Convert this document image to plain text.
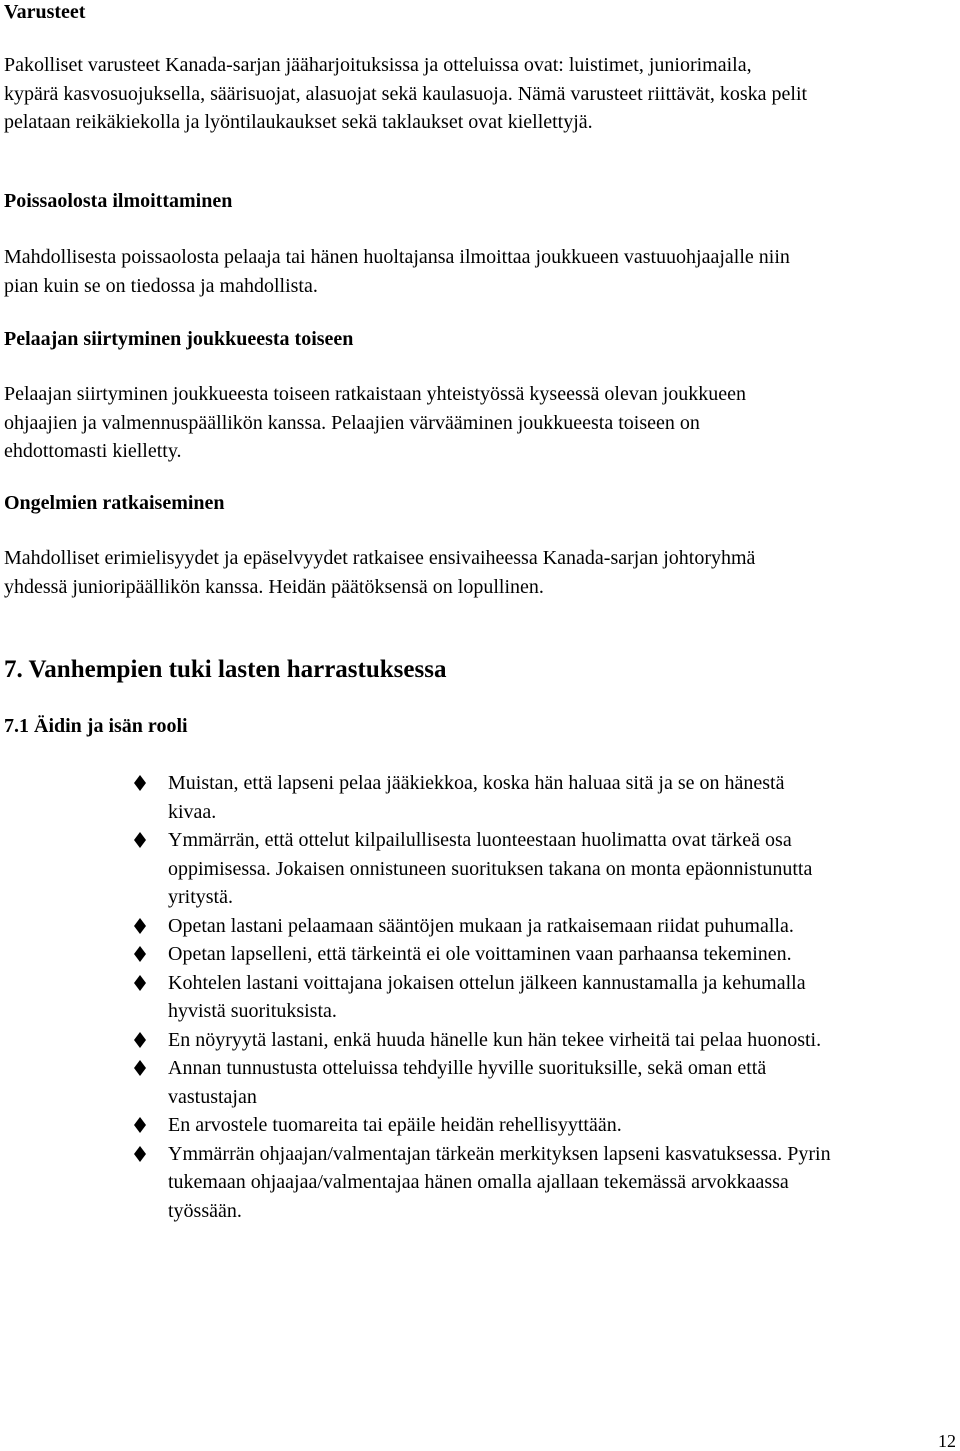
Varusteet

Pakolliset varusteet Kanada-sarjan jääharjoituksissa ja otteluissa ovat: luistimet, juniorimaila,
kypärä kasvosuojuksella, säärisuojat, alasuojat sekä kaulasuoja. Nämä varusteet riittävät, koska pelit
pelataan reikäkiekolla ja lyöntilaukaukset sekä taklaukset ovat kiellettyjä.

Poissaolosta ilmoittaminen

Mahdollisesta poissaolosta pelaaja tai hänen huoltajansa ilmoittaa joukkueen vastuuohjaajalle niin
pian kuin se on tiedossa ja mahdollista.

Pelaajan siirtyminen joukkueesta toiseen

Pelaajan siirtyminen joukkueesta toiseen ratkaistaan yhteistyössä kyseessä olevan joukkueen
ohjaajien ja valmennuspäällikön kanssa. Pelaajien värvääminen joukkueesta toiseen on
ehdottomasti kielletty.

Ongelmien ratkaiseminen

Mahdolliset erimielisyydet ja epäselvyydet ratkaisee ensivaiheessa Kanada-sarjan johtoryhmä
yhdessä junioripäällikön kanssa. Heidän päätöksensä on lopullinen.

7. Vanhempien tuki lasten harrastuksessa
7.1 Äidin ja isän rooli
Muistan, että lapseni pelaa jääkiekkoa, koska hän haluaa sitä ja se on hänestä
kivaa.
Ymmärrän, että ottelut kilpailullisesta luonteestaan huolimatta ovat tärkeä osa
oppimisessa. Jokaisen onnistuneen suorituksen takana on monta epäonnistunutta
yritystä.
Opetan lastani pelaamaan sääntöjen mukaan ja ratkaisemaan riidat puhumalla.
Opetan lapselleni, että tärkeintä ei ole voittaminen vaan parhaansa tekeminen.
Kohtelen lastani voittajana jokaisen ottelun jälkeen kannustamalla ja kehumalla
hyvistä suorituksista.
En nöyryytä lastani, enkä huuda hänelle kun hän tekee virheitä tai pelaa huonosti.
Annan tunnustusta otteluissa tehdyille hyville suorituksille, sekä oman että
vastustajan
En arvostele tuomareita tai epäile heidän rehellisyyttään.
Ymmärrän ohjaajan/valmentajan tärkeän merkityksen lapseni kasvatuksessa. Pyrin
tukemaan ohjaajaa/valmentajaa hänen omalla ajallaan tekemässä arvokkaassa
työssään.

12
